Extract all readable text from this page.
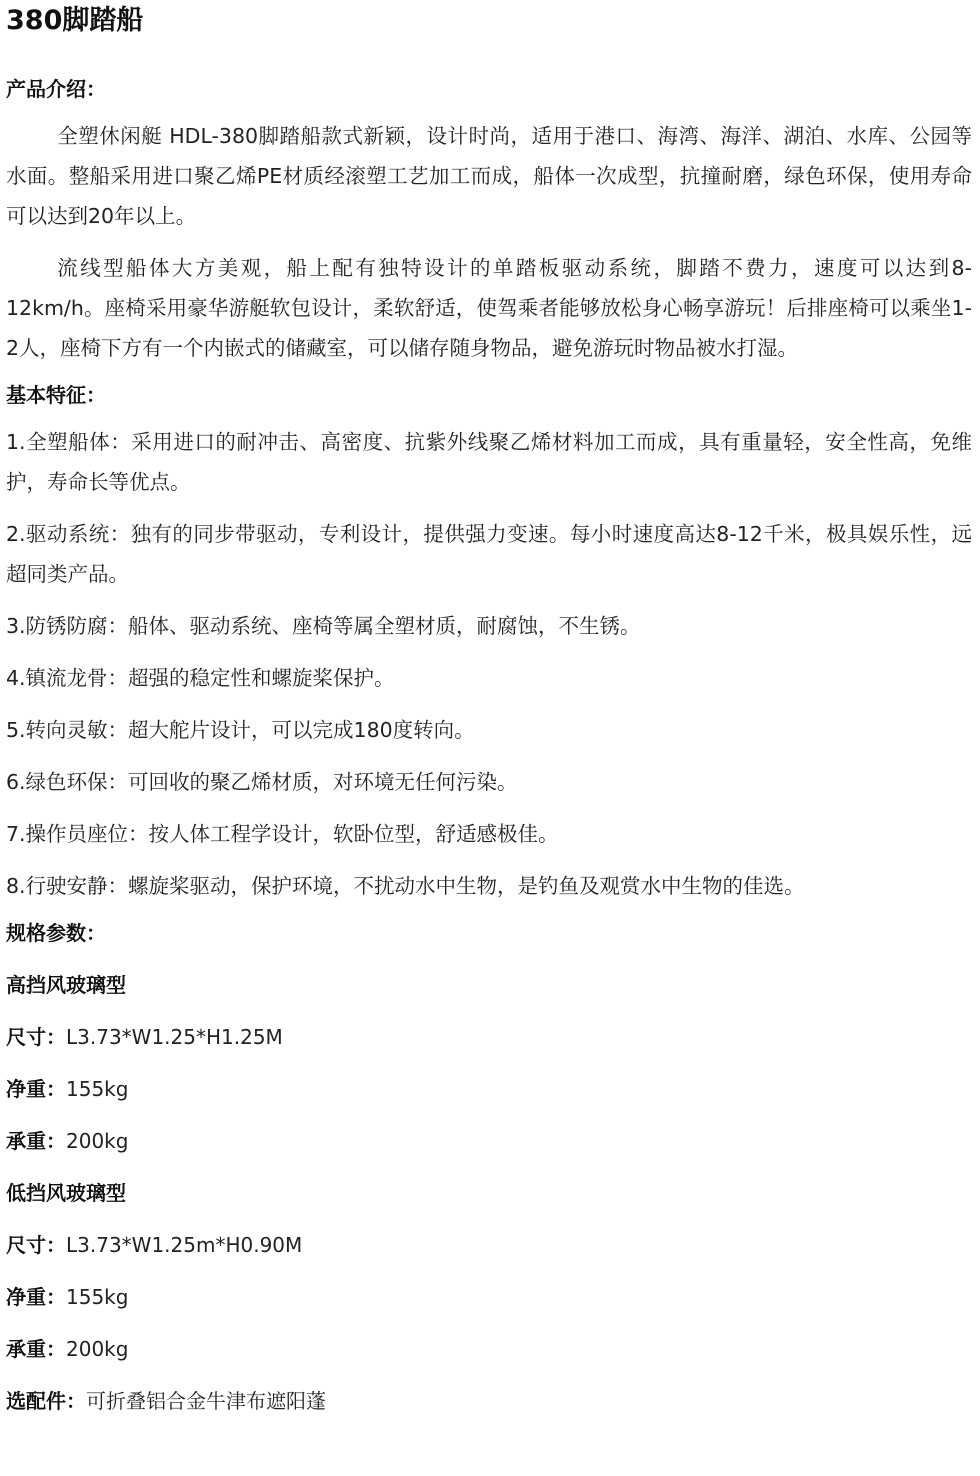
380脚踏船
产品介绍：

全塑休闲艇 HDL-380脚踏船款式新颖，设计时尚，适用于港口、海湾、海洋、湖泊、水库、公园等水面。整船采用进口聚乙烯PE材质经滚塑工艺加工而成，船体一次成型，抗撞耐磨，绿色环保，使用寿命可以达到20年以上。

流线型船体大方美观，船上配有独特设计的单踏板驱动系统，脚踏不费力，速度可以达到8-12km/h。座椅采用豪华游艇软包设计，柔软舒适，使驾乘者能够放松身心畅享游玩！后排座椅可以乘坐1-2人，座椅下方有一个内嵌式的储藏室，可以储存随身物品，避免游玩时物品被水打湿。

基本特征：

1.全塑船体：采用进口的耐冲击、高密度、抗紫外线聚乙烯材料加工而成，具有重量轻，安全性高，免维护，寿命长等优点。

2.驱动系统：独有的同步带驱动，专利设计，提供强力变速。每小时速度高达8-12千米，极具娱乐性，远超同类产品。

3.防锈防腐：船体、驱动系统、座椅等属全塑材质，耐腐蚀，不生锈。

4.镇流龙骨：超强的稳定性和螺旋桨保护。

5.转向灵敏：超大舵片设计，可以完成180度转向。

6.绿色环保：可回收的聚乙烯材质，对环境无任何污染。

7.操作员座位：按人体工程学设计，软卧位型，舒适感极佳。

8.行驶安静：螺旋桨驱动，保护环境，不扰动水中生物，是钓鱼及观赏水中生物的佳选。

规格参数：
高挡风玻璃型
尺寸：L3.73*W1.25*H1.25M
净重：155kg
承重：200kg
低挡风玻璃型
尺寸：L3.73*W1.25m*H0.90M
净重：155kg
承重：200kg
选配件：可折叠铝合金牛津布遮阳蓬
